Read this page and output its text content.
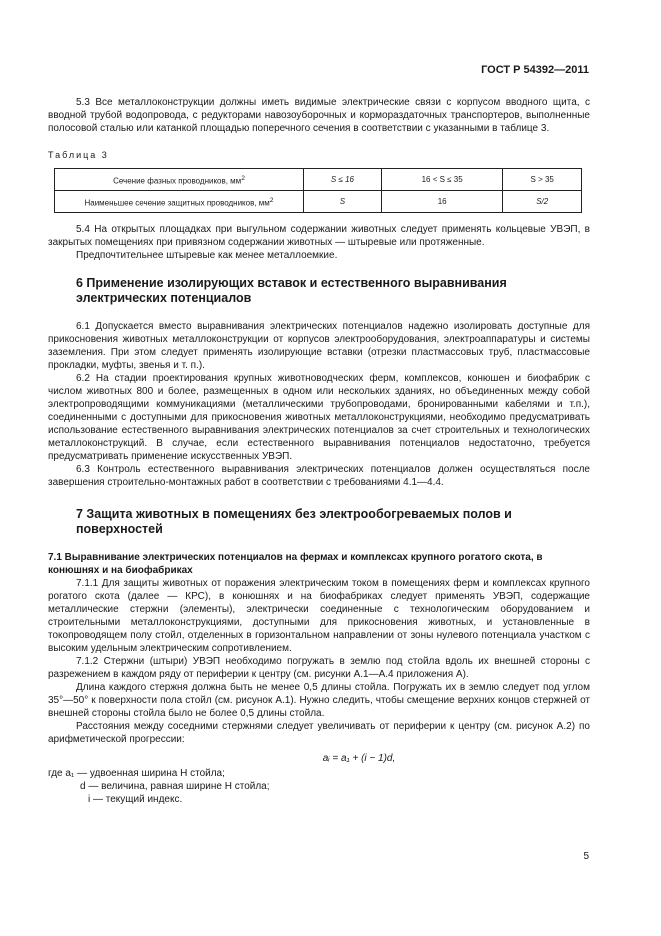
ГОСТ Р 54392—2011

5.3 Все металлоконструкции должны иметь видимые электрические связи с корпусом вводного щита, с вводной трубой водопровода, с редукторами навозоуборочных и кормораздаточных транспортеров, выполненные полосовой сталью или катанкой площадью поперечного сечения в соответствии с указанными в таблице 3.

Таблица 3
Сечение фазных проводников, $мм^2$	S ≤ 16	16 < S ≤ 35	S > 35
Наименьшее сечение защитных проводников, $мм^2$	S	16	S/2

5.4 На открытых площадках при выгульном содержании животных следует применять кольцевые УВЭП, в закрытых помещениях при привязном содержании животных — штыревые или протяженные.

Предпочтительнее штыревые как менее металлоемкие.

6 Применение изолирующих вставок и естественного выравнивания электрических потенциалов

6.1 Допускается вместо выравнивания электрических потенциалов надежно изолировать доступные для прикосновения животных металлоконструкции от корпусов электрооборудования, электроаппаратуры и системы заземления. При этом следует применять изолирующие вставки (отрезки пластмассовых труб, пластмассовые прокладки, муфты, звенья и т. п.).

6.2 На стадии проектирования крупных животноводческих ферм, комплексов, конюшен и биофабрик с числом животных 800 и более, размещенных в одном или нескольких зданиях, но объединенных между собой электропроводящими коммуникациями (металлическими трубопроводами, бронированными кабелями и т.п.), соединенными с доступными для прикосновения животных металлоконструкциями, необходимо предусматривать использование естественного выравнивания электрических потенциалов за счет строительных и технологических металлоконструкций. В случае, если естественного выравнивания потенциалов недостаточно, требуется предусматривать применение искусственных УВЭП.

6.3 Контроль естественного выравнивания электрических потенциалов должен осуществляться после завершения строительно-монтажных работ в соответствии с требованиями 4.1—4.4.

7 Защита животных в помещениях без электрообогреваемых полов и поверхностей

7.1 Выравнивание электрических потенциалов на фермах и комплексах крупного рогатого скота, в конюшнях и на биофабриках

7.1.1 Для защиты животных от поражения электрическим током в помещениях ферм и комплексах крупного рогатого скота (далее — КРС), в конюшнях и на биофабриках следует применять УВЭП, содержащие металлические стержни (элементы), электрически соединенные с технологическим оборудованием и строительными металлоконструкциями, доступными для прикосновения животных, и установленные в токопроводящем полу стойл, отделенных в горизонтальном направлении от зоны нулевого потенциала участком с высоким удельным электрическим сопротивлением.

7.1.2 Стержни (штыри) УВЭП необходимо погружать в землю под стойла вдоль их внешней стороны с разрежением в каждом ряду от периферии к центру (см. рисунки А.1—А.4 приложения А).

Длина каждого стержня должна быть не менее 0,5 длины стойла. Погружать их в землю следует под углом 35°—50° к поверхности пола стойл (см. рисунок А.1). Нужно следить, чтобы смещение верхних концов стержней от внешней стороны стойла было не более 0,5 длины стойла.

Расстояния между соседними стержнями следует увеличивать от периферии к центру (см. рисунок А.2) по арифметической прогрессии:

aᵢ = a₁ + (i − 1)d,

где a₁ — удвоенная ширина Н стойла;

d — величина, равная ширине Н стойла;

i — текущий индекс.

5
